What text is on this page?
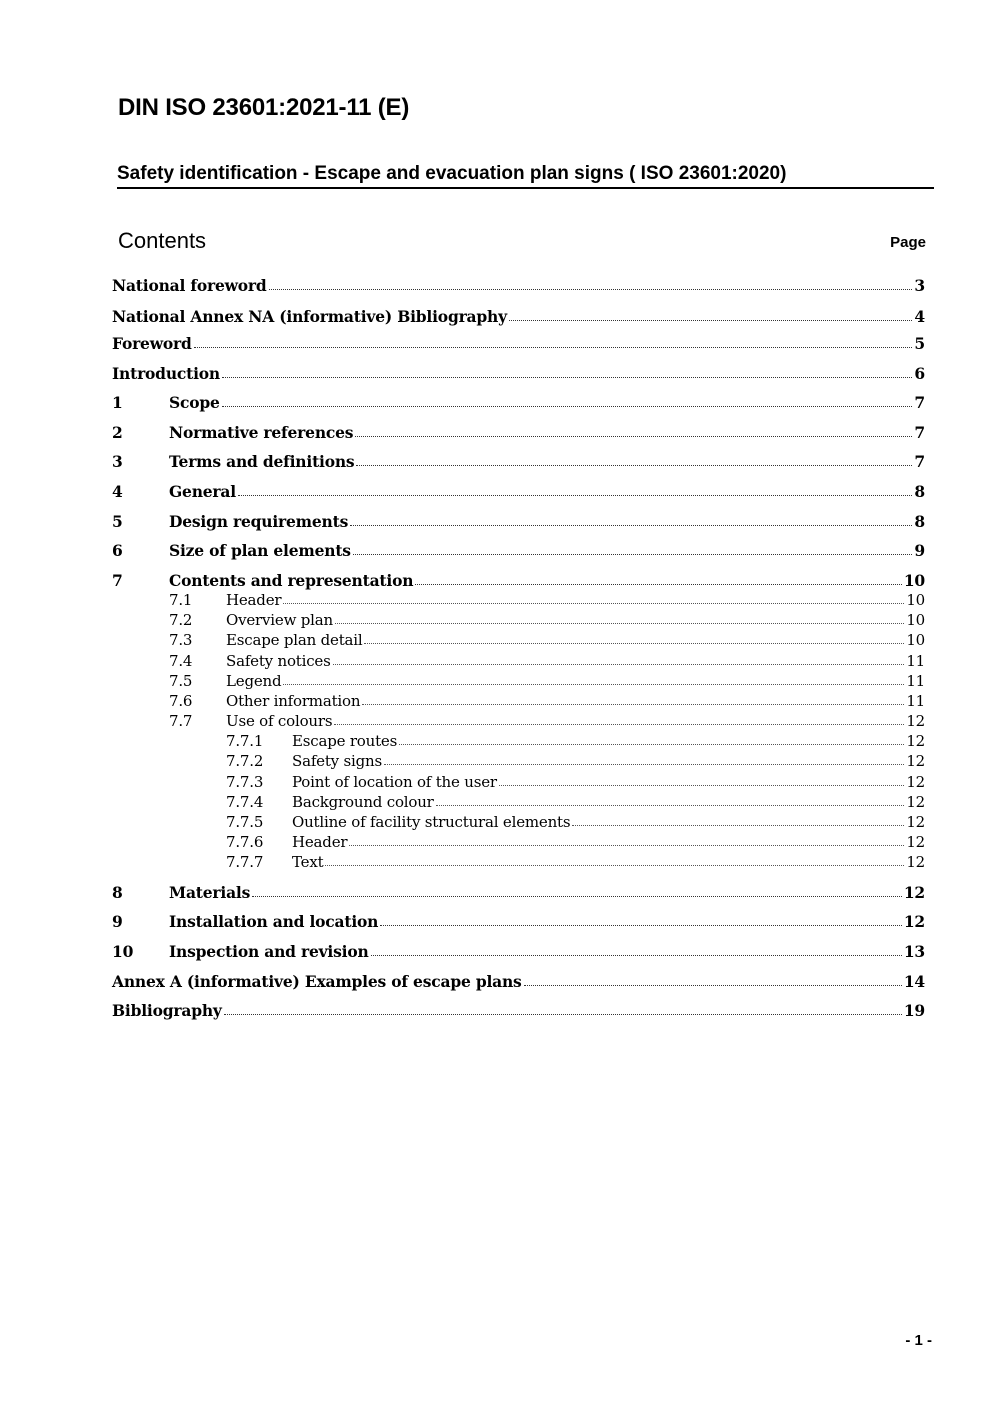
DIN ISO 23601:2021-11 (E)
Safety identification - Escape and evacuation plan signs ( ISO 23601:2020)
Contents	Page
National foreword	3
National Annex NA (informative) Bibliography	4
Foreword	5
Introduction	6
1	Scope	7
2	Normative references	7
3	Terms and definitions	7
4	General	8
5	Design requirements	8
6	Size of plan elements	9
7	Contents and representation	10
7.1	Header	10
7.2	Overview plan	10
7.3	Escape plan detail	10
7.4	Safety notices	11
7.5	Legend	11
7.6	Other information	11
7.7	Use of colours	12
7.7.1	Escape routes	12
7.7.2	Safety signs	12
7.7.3	Point of location of the user	12
7.7.4	Background colour	12
7.7.5	Outline of facility structural elements	12
7.7.6	Header	12
7.7.7	Text	12
8	Materials	12
9	Installation and location	12
10	Inspection and revision	13
Annex A (informative) Examples of escape plans	14
Bibliography	19
- 1 -
